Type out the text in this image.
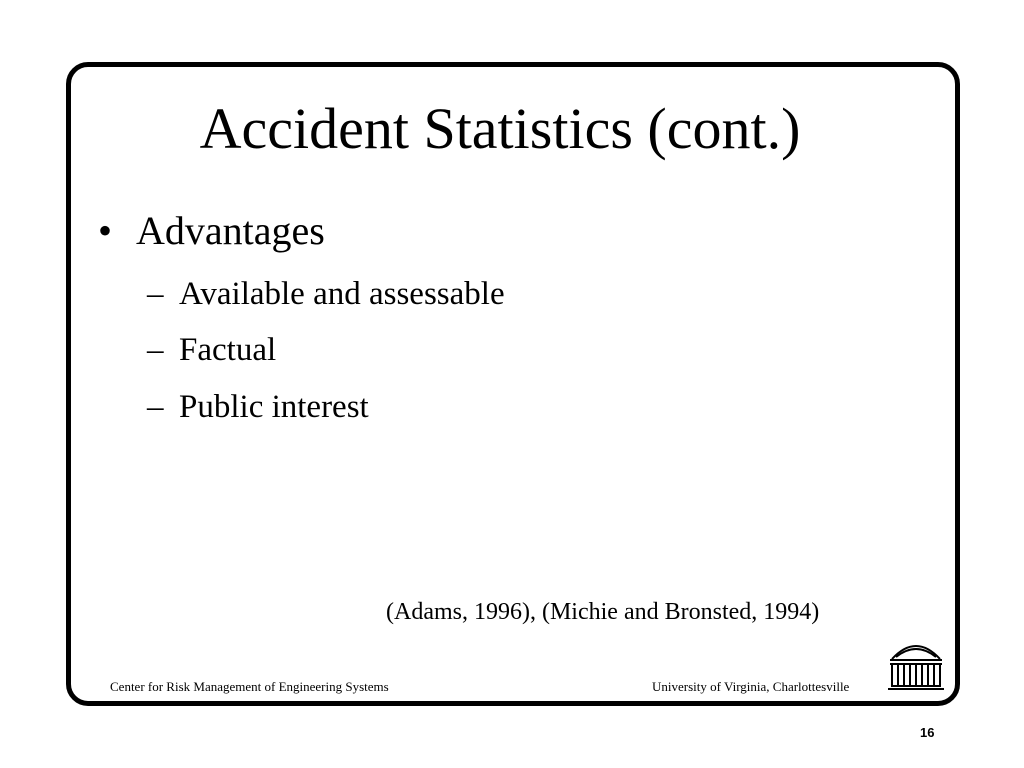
Accident Statistics (cont.)
• Advantages
– Available and assessable
– Factual
– Public interest
(Adams, 1996), (Michie and Bronsted, 1994)
Center for Risk Management of Engineering Systems	University of Virginia, Charlottesville
16
